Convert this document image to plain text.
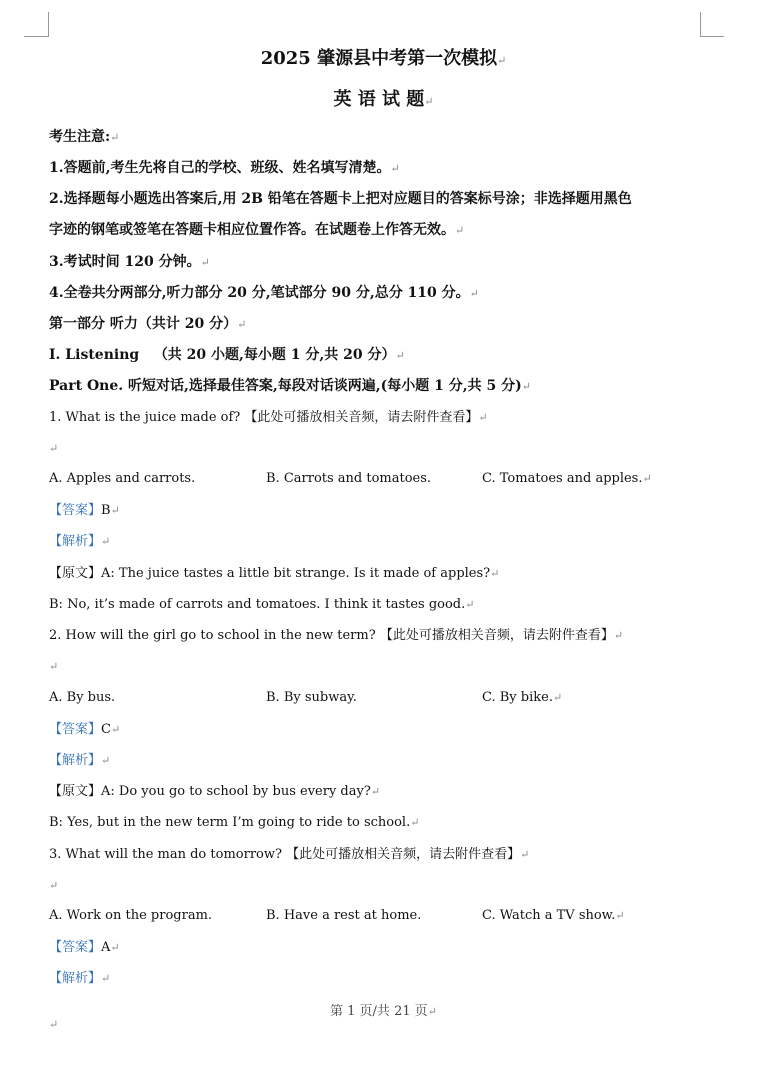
2025 肇源县中考第一次模拟↵
英 语 试 题↵
考生注意:↵
1.答题前,考生先将自己的学校、班级、姓名填写清楚。↵
2.选择题每小题选出答案后,用 2B 铅笔在答题卡上把对应题目的答案标号涂；非选择题用黑色
字迹的钢笔或签笔在答题卡相应位置作答。在试题卷上作答无效。↵
3.考试时间 120 分钟。↵
4.全卷共分两部分,听力部分 20 分,笔试部分 90 分,总分 110 分。↵
第一部分 听力（共计 20 分）↵
I. Listening （共 20 小题,每小题 1 分,共 20 分）↵
Part One. 听短对话,选择最佳答案,每段对话谈两遍,(每小题 1 分,共 5 分)↵
1. What is the juice made of? 【此处可播放相关音频，请去附件查看】↵
↵
A. Apples and carrots.	B. Carrots and tomatoes.	C. Tomatoes and apples.↵
【答案】B↵
【解析】↵
【原文】A: The juice tastes a little bit strange. Is it made of apples?↵
B: No, it’s made of carrots and tomatoes. I think it tastes good.↵
2. How will the girl go to school in the new term? 【此处可播放相关音频，请去附件查看】↵
↵
A. By bus.	B. By subway.	C. By bike.↵
【答案】C↵
【解析】↵
【原文】A: Do you go to school by bus every day?↵
B: Yes, but in the new term I’m going to ride to school.↵
3. What will the man do tomorrow? 【此处可播放相关音频，请去附件查看】↵
↵
A. Work on the program.	B. Have a rest at home.	C. Watch a TV show.↵
【答案】A↵
【解析】↵
第 1 页/共 21 页↵
↵
